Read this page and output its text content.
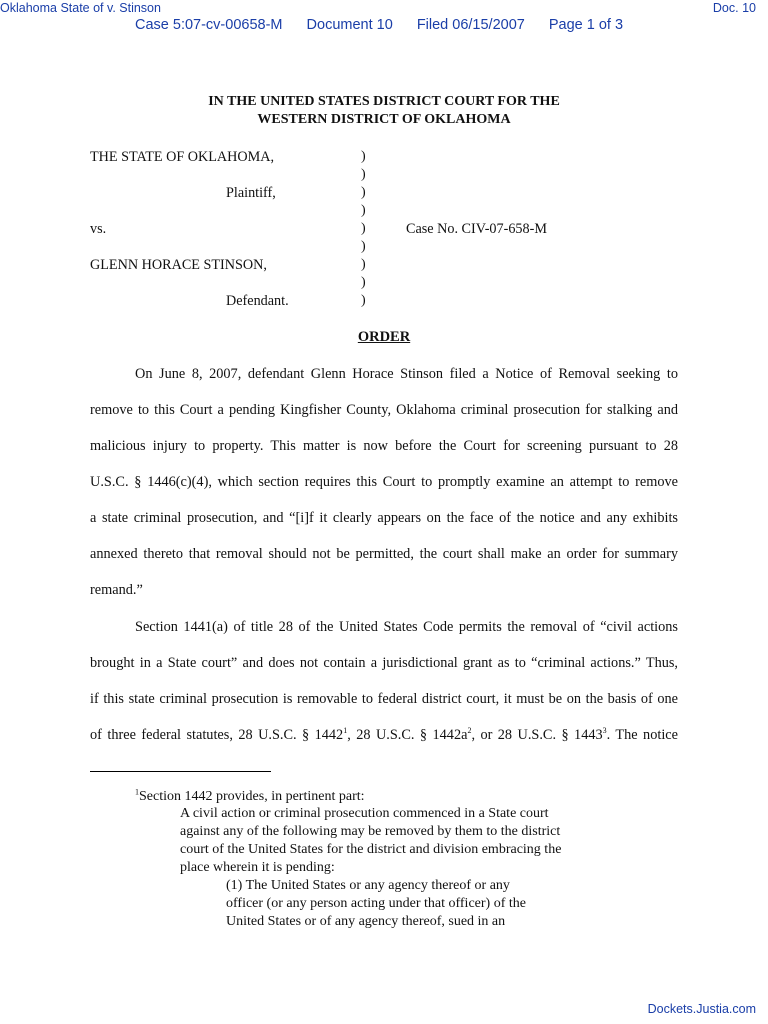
Oklahoma State of v. Stinson	Doc. 10
Case 5:07-cv-00658-M Document 10 Filed 06/15/2007 Page 1 of 3
IN THE UNITED STATES DISTRICT COURT FOR THE
WESTERN DISTRICT OF OKLAHOMA
THE STATE OF OKLAHOMA,
Plaintiff,
vs.	Case No. CIV-07-658-M
GLENN HORACE STINSON,
Defendant.
)
)
)
)
)
)
)
)
)
ORDER
On June 8, 2007, defendant Glenn Horace Stinson filed a Notice of Removal seeking to
remove to this Court a pending Kingfisher County, Oklahoma criminal prosecution for stalking and
malicious injury to property. This matter is now before the Court for screening pursuant to 28
U.S.C. § 1446(c)(4), which section requires this Court to promptly examine an attempt to remove
a state criminal prosecution, and “[i]f it clearly appears on the face of the notice and any exhibits
annexed thereto that removal should not be permitted, the court shall make an order for summary
remand.”
Section 1441(a) of title 28 of the United States Code permits the removal of “civil actions
brought in a State court” and does not contain a jurisdictional grant as to “criminal actions.” Thus,
if this state criminal prosecution is removable to federal district court, it must be on the basis of one
of three federal statutes, 28 U.S.C. § 1442$^1$, 28 U.S.C. § $1442a^2$, or 28 U.S.C. § 1443$^3$. The notice
$^1$Section 1442 provides, in pertinent part:
A civil action or criminal prosecution commenced in a State court
against any of the following may be removed by them to the district
court of the United States for the district and division embracing the
place wherein it is pending:
(1) The United States or any agency thereof or any
officer (or any person acting under that officer) of the
United States or of any agency thereof, sued in an
Dockets.Justia.com
